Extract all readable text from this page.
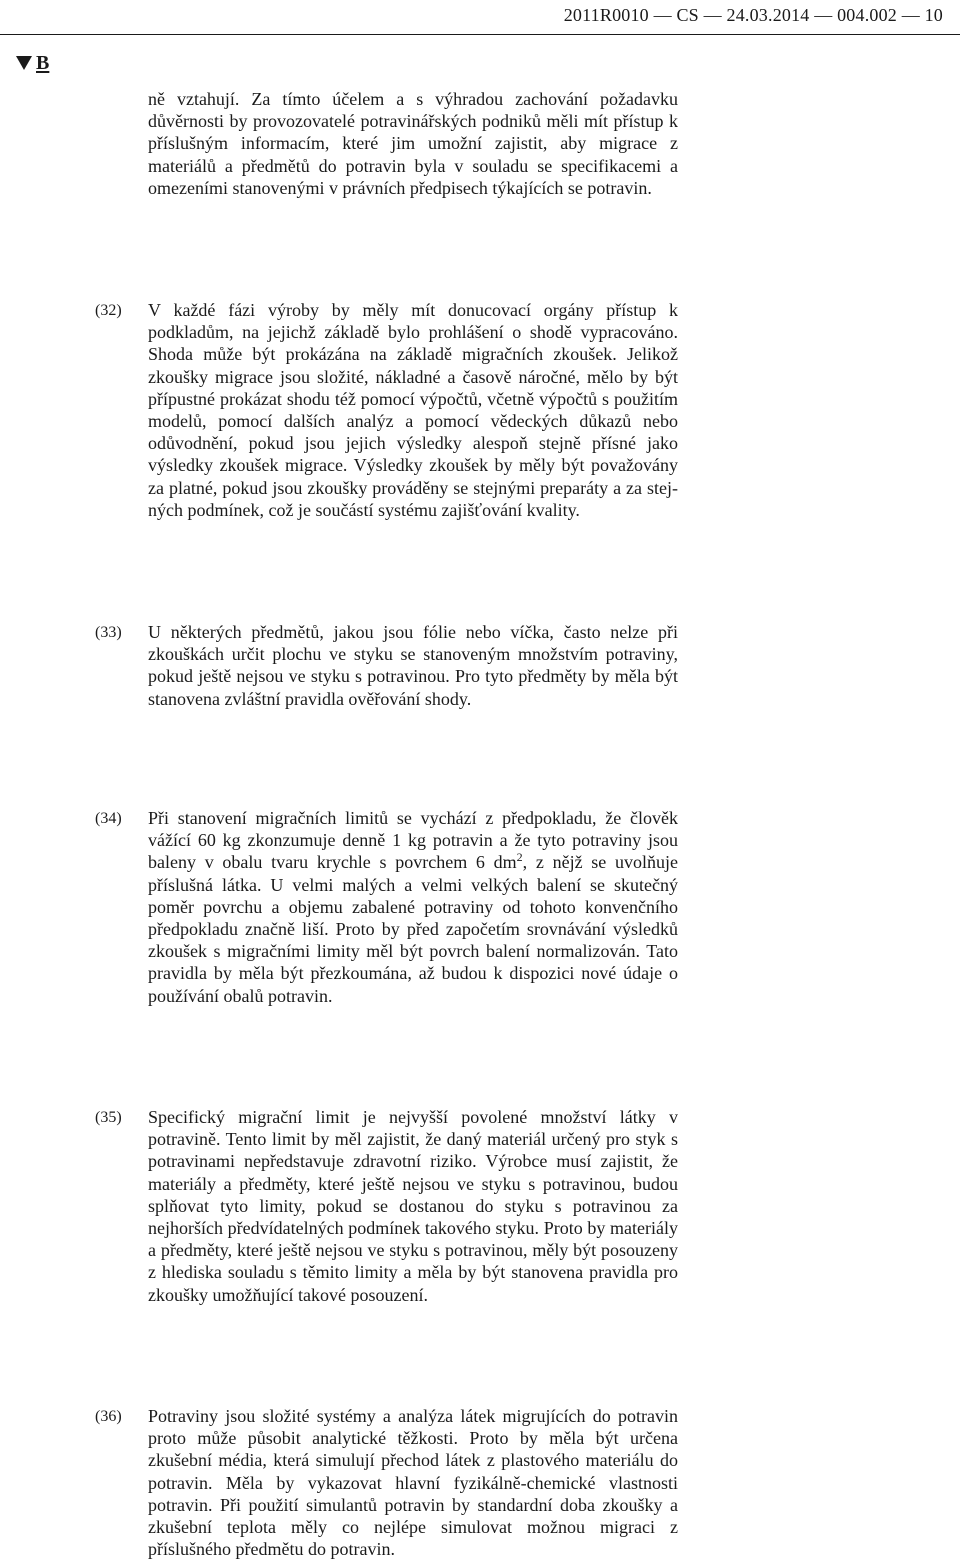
2011R0010 — CS — 24.03.2014 — 004.002 — 10
B
ně vztahují. Za tímto účelem a s výhradou zachování požadavku důvěrnosti by provozovatelé potravinářských podniků měli mít přístup k příslušným informacím, které jim umožní zajistit, aby migrace z materiálů a předmětů do potravin byla v souladu se specifikacemi a omezeními stanovenými v právních předpisech týkajících se potravin.
(32) V každé fázi výroby by měly mít donucovací orgány přístup k podkladům, na jejichž základě bylo prohlášení o shodě vypracováno. Shoda může být prokázána na základě migračních zkoušek. Jelikož zkoušky migrace jsou složité, nákladné a časově náročné, mělo by být přípustné prokázat shodu též pomocí výpočtů, včetně výpočtů s použitím modelů, pomocí dalších analýz a pomocí vědeckých důkazů nebo odůvodnění, pokud jsou jejich výsledky alespoň stejně přísné jako výsledky zkoušek migrace. Výsledky zkoušek by měly být považovány za platné, pokud jsou zkoušky prováděny se stejnými preparáty a za stejných podmínek, což je součástí systému zajišťování kvality.
(33) U některých předmětů, jakou jsou fólie nebo víčka, často nelze při zkouškách určit plochu ve styku se stanoveným množstvím potraviny, pokud ještě nejsou ve styku s potravinou. Pro tyto předměty by měla být stanovena zvláštní pravidla ověřování shody.
(34) Při stanovení migračních limitů se vychází z předpokladu, že člověk vážící 60 kg zkonzumuje denně 1 kg potravin a že tyto potraviny jsou baleny v obalu tvaru krychle s povrchem 6 $dm^2$, z nějž se uvolňuje příslušná látka. U velmi malých a velmi velkých balení se skutečný poměr povrchu a objemu zabalené potraviny od tohoto konvenčního předpokladu značně liší. Proto by před započetím srovnávání výsledků zkoušek s migračními limity měl být povrch balení normalizován. Tato pravidla by měla být přezkoumána, až budou k dispozici nové údaje o používání obalů potravin.
(35) Specifický migrační limit je nejvyšší povolené množství látky v potravině. Tento limit by měl zajistit, že daný materiál určený pro styk s potravinami nepředstavuje zdravotní riziko. Výrobce musí zajistit, že materiály a předměty, které ještě nejsou ve styku s potravinou, budou splňovat tyto limity, pokud se dostanou do styku s potravinou za nejhorších předvídatelných podmínek takového styku. Proto by materiály a předměty, které ještě nejsou ve styku s potravinou, měly být posouzeny z hlediska souladu s těmito limity a měla by být stanovena pravidla pro zkoušky umožňující takové posouzení.
(36) Potraviny jsou složité systémy a analýza látek migrujících do potravin proto může působit analytické těžkosti. Proto by měla být určena zkušební média, která simulují přechod látek z plastového materiálu do potravin. Měla by vykazovat hlavní fyzikálně-chemické vlastnosti potravin. Při použití simulantů potravin by standardní doba zkoušky a zkušební teplota měly co nejlépe simulovat možnou migraci z příslušného předmětu do potravin.
